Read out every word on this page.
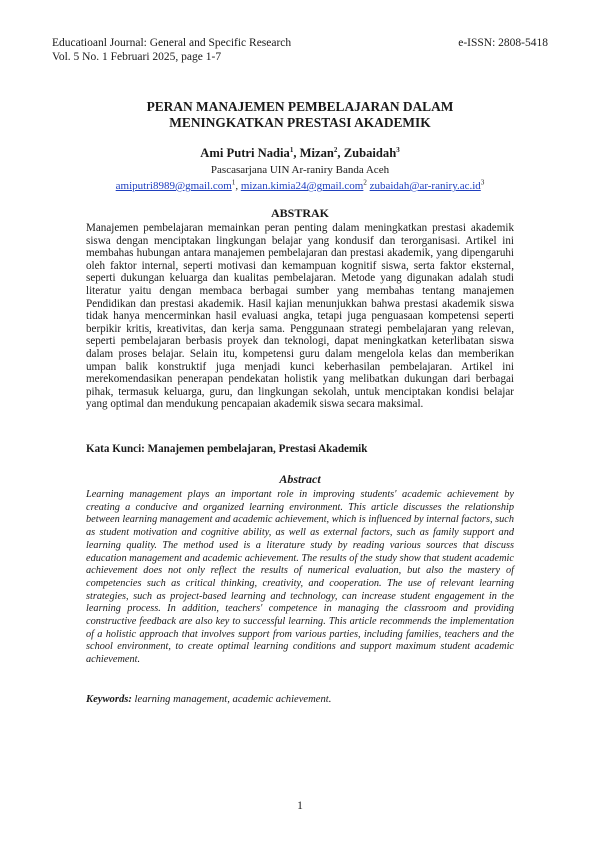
Educatioanl Journal: General and Specific Research
Vol. 5 No. 1 Februari 2025, page 1-7
e-ISSN: 2808-5418
PERAN MANAJEMEN PEMBELAJARAN DALAM
MENINGKATKAN PRESTASI AKADEMIK
Ami Putri Nadia$^1$, Mizan$^2$, Zubaidah$^3$
Pascasarjana UIN Ar-raniry Banda Aceh
amiputri8989@gmail.com$^1$, mizan.kimia24@gmail.com$^2$ $zubaidah@ar-raniry.ac.id^3$
ABSTRAK
Manajemen pembelajaran memainkan peran penting dalam meningkatkan prestasi akademik siswa dengan menciptakan lingkungan belajar yang kondusif dan terorganisasi. Artikel ini membahas hubungan antara manajemen pembelajaran dan prestasi akademik, yang dipengaruhi oleh faktor internal, seperti motivasi dan kemampuan kognitif siswa, serta faktor eksternal, seperti dukungan keluarga dan kualitas pembelajaran. Metode yang digunakan adalah studi literatur yaitu dengan membaca berbagai sumber yang membahas tentang manajemen Pendidikan dan prestasi akademik. Hasil kajian menunjukkan bahwa prestasi akademik siswa tidak hanya mencerminkan hasil evaluasi angka, tetapi juga penguasaan kompetensi seperti berpikir kritis, kreativitas, dan kerja sama. Penggunaan strategi pembelajaran yang relevan, seperti pembelajaran berbasis proyek dan teknologi, dapat meningkatkan keterlibatan siswa dalam proses belajar. Selain itu, kompetensi guru dalam mengelola kelas dan memberikan umpan balik konstruktif juga menjadi kunci keberhasilan pembelajaran. Artikel ini merekomendasikan penerapan pendekatan holistik yang melibatkan dukungan dari berbagai pihak, termasuk keluarga, guru, dan lingkungan sekolah, untuk menciptakan kondisi belajar yang optimal dan mendukung pencapaian akademik siswa secara maksimal.
Kata Kunci: Manajemen pembelajaran, Prestasi Akademik
Abstract
Learning management plays an important role in improving students' academic achievement by creating a conducive and organized learning environment. This article discusses the relationship between learning management and academic achievement, which is influenced by internal factors, such as student motivation and cognitive ability, as well as external factors, such as family support and learning quality. The method used is a literature study by reading various sources that discuss education management and academic achievement. The results of the study show that student academic achievement does not only reflect the results of numerical evaluation, but also the mastery of competencies such as critical thinking, creativity, and cooperation. The use of relevant learning strategies, such as project-based learning and technology, can increase student engagement in the learning process. In addition, teachers' competence in managing the classroom and providing constructive feedback are also key to successful learning. This article recommends the implementation of a holistic approach that involves support from various parties, including families, teachers and the school environment, to create optimal learning conditions and support maximum student academic achievement.
Keywords: learning management, academic achievement.
1
